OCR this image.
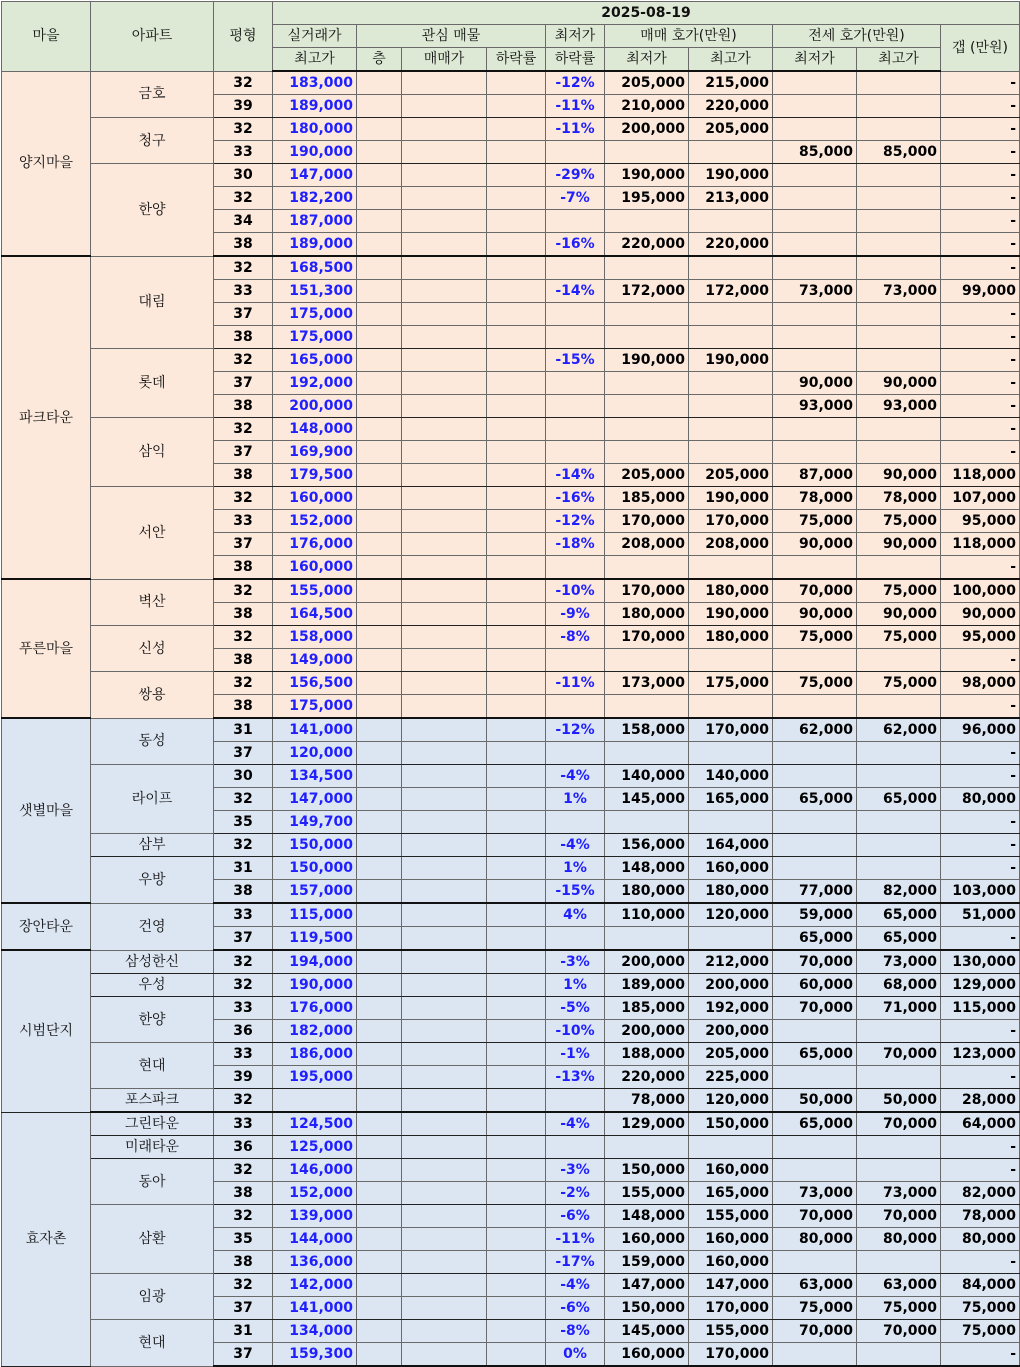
마을	아파트	평형	2025-08-19									
			실거래가	관심 매물			최저가	매매 호가(만원)		전세 호가(만원)		갭 (만원)
			최고가	층	매매가	하락률	하락률	최저가	최고가	최저가	최고가	
양지마을	금호	32	183,000				-12%	205,000	215,000			-
		39	189,000				-11%	210,000	220,000			-
	청구	32	180,000				-11%	200,000	205,000			-
		33	190,000							85,000	85,000	-
	한양	30	147,000				-29%	190,000	190,000			-
		32	182,200				-7%	195,000	213,000			-
		34	187,000									-
		38	189,000				-16%	220,000	220,000			-
파크타운	대림	32	168,500									-
		33	151,300				-14%	172,000	172,000	73,000	73,000	99,000
		37	175,000									-
		38	175,000									-
	롯데	32	165,000				-15%	190,000	190,000			-
		37	192,000							90,000	90,000	-
		38	200,000							93,000	93,000	-
	삼익	32	148,000									-
		37	169,900									-
		38	179,500				-14%	205,000	205,000	87,000	90,000	118,000
	서안	32	160,000				-16%	185,000	190,000	78,000	78,000	107,000
		33	152,000				-12%	170,000	170,000	75,000	75,000	95,000
		37	176,000				-18%	208,000	208,000	90,000	90,000	118,000
		38	160,000									-
푸른마을	벽산	32	155,000				-10%	170,000	180,000	70,000	75,000	100,000
		38	164,500				-9%	180,000	190,000	90,000	90,000	90,000
	신성	32	158,000				-8%	170,000	180,000	75,000	75,000	95,000
		38	149,000									-
	쌍용	32	156,500				-11%	173,000	175,000	75,000	75,000	98,000
		38	175,000									-
샛별마을	동성	31	141,000				-12%	158,000	170,000	62,000	62,000	96,000
		37	120,000									-
	라이프	30	134,500				-4%	140,000	140,000			-
		32	147,000				1%	145,000	165,000	65,000	65,000	80,000
		35	149,700									-
	삼부	32	150,000				-4%	156,000	164,000			-
	우방	31	150,000				1%	148,000	160,000			-
		38	157,000				-15%	180,000	180,000	77,000	82,000	103,000
장안타운	건영	33	115,000				4%	110,000	120,000	59,000	65,000	51,000
		37	119,500							65,000	65,000	-
시범단지	삼성한신	32	194,000				-3%	200,000	212,000	70,000	73,000	130,000
	우성	32	190,000				1%	189,000	200,000	60,000	68,000	129,000
	한양	33	176,000				-5%	185,000	192,000	70,000	71,000	115,000
		36	182,000				-10%	200,000	200,000			-
	현대	33	186,000				-1%	188,000	205,000	65,000	70,000	123,000
		39	195,000				-13%	220,000	225,000			-
	포스파크	32						78,000	120,000	50,000	50,000	28,000
효자촌	그린타운	33	124,500				-4%	129,000	150,000	65,000	70,000	64,000
	미래타운	36	125,000									-
	동아	32	146,000				-3%	150,000	160,000			-
		38	152,000				-2%	155,000	165,000	73,000	73,000	82,000
	삼환	32	139,000				-6%	148,000	155,000	70,000	70,000	78,000
		35	144,000				-11%	160,000	160,000	80,000	80,000	80,000
		38	136,000				-17%	159,000	160,000			-
	임광	32	142,000				-4%	147,000	147,000	63,000	63,000	84,000
		37	141,000				-6%	150,000	170,000	75,000	75,000	75,000
	현대	31	134,000				-8%	145,000	155,000	70,000	70,000	75,000
		37	159,300				0%	160,000	170,000			-
